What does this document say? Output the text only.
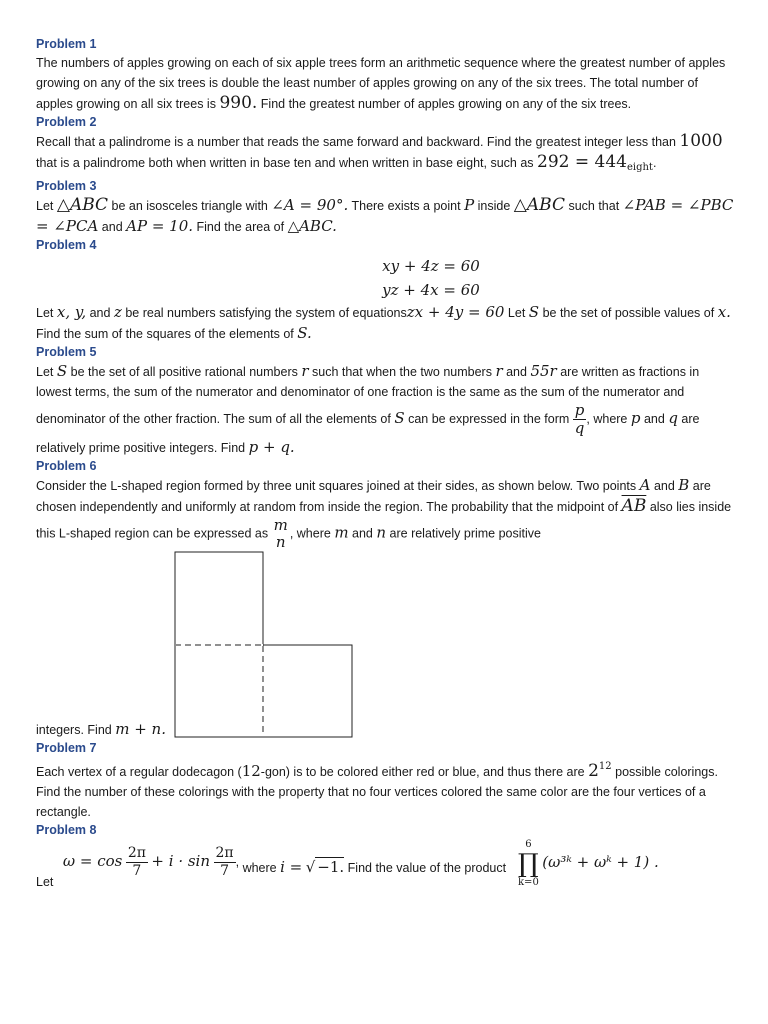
Problem 1
The numbers of apples growing on each of six apple trees form an arithmetic sequence where the greatest number of apples growing on any of the six trees is double the least number of apples growing on any of the six trees. The total number of apples growing on all six trees is 990. Find the greatest number of apples growing on any of the six trees.
Problem 2
Recall that a palindrome is a number that reads the same forward and backward. Find the greatest integer less than 1000 that is a palindrome both when written in base ten and when written in base eight, such as $292 = 444_{eight}$.
Problem 3
Let △ABC be an isosceles triangle with ∠A = 90°. There exists a point P inside △ABC such that ∠PAB = ∠PBC = ∠PCA and AP = 10. Find the area of △ABC.
Problem 4
xy + 4z = 60
yz + 4x = 60
Let x, y, and z be real numbers satisfying the system of equationszx + 4y = 60 Let S be the set of possible values of x. Find the sum of the squares of the elements of S.
Problem 5
Let S be the set of all positive rational numbers r such that when the two numbers r and 55r are written as fractions in lowest terms, the sum of the numerator and denominator of one fraction is the same as the sum of the numerator and denominator of the other fraction. The sum of all the elements of S can be expressed in the form $\frac{p}{q}$ , where p and q are relatively prime positive integers. Find p + q.
Problem 6
Consider the L-shaped region formed by three unit squares joined at their sides, as shown below. Two points A and B are chosen independently and uniformly at random from inside the region. The probability that the midpoint of $\overline{AB}$ also lies inside this L-shaped region can be expressed as m
n , where m and n are relatively prime positive
integers. Find m + n.
Problem 7
Each vertex of a regular dodecagon (12-gon) is to be colored either red or blue, and thus there are $2^{12}$ possible colorings. Find the number of these colorings with the property that no four vertices colored the same color are the four vertices of a rectangle.
Problem 8
Let $\omega = \cos \frac{2\pi}{7} + i \cdot \sin \frac{2\pi}{7}$ , where i = √ −1. Find the value of the product
6
∏
k=0
(ω³ᵏ + ωᵏ + 1) .
